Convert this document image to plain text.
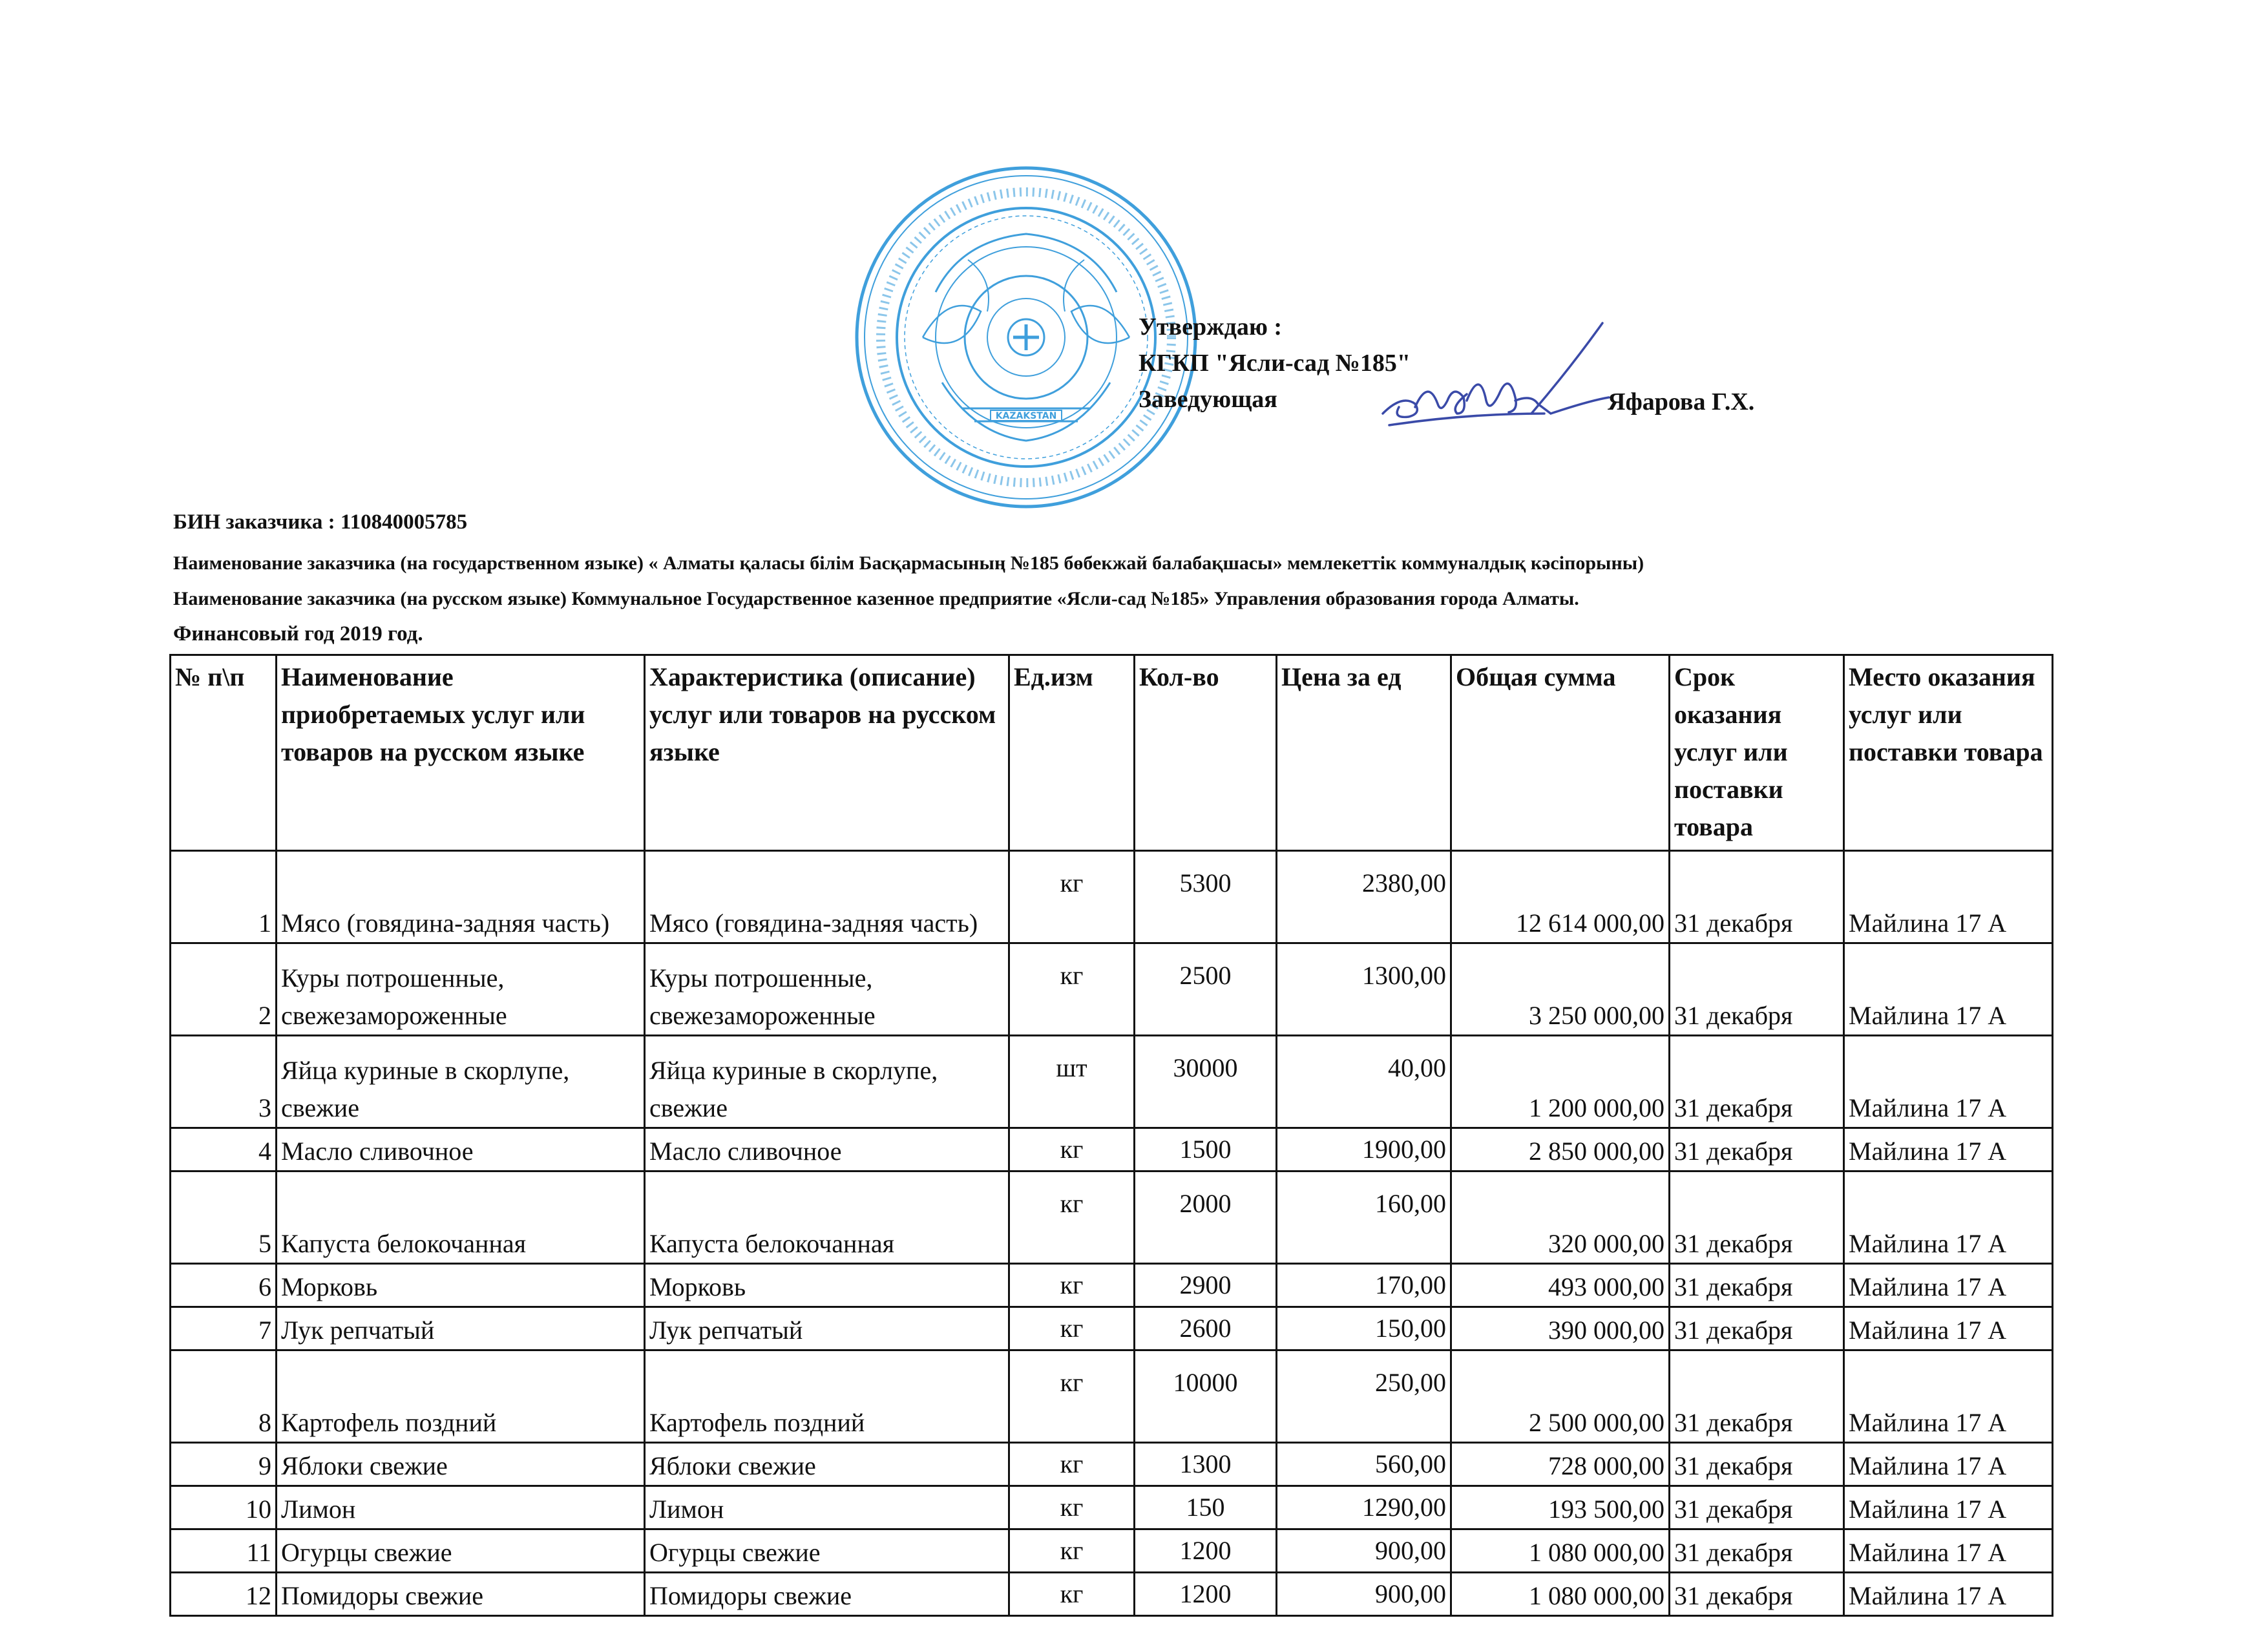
KAZAKSTAN
Утверждаю :
КГКП "Ясли-сад №185"
Заведующая	Яфарова Г.Х.
БИН заказчика : 110840005785
Наименование заказчика (на государственном языке) « Алматы қаласы білім Басқармасының №185 бөбекжай балабақшасы» мемлекеттік коммуналдық кәсіпорыны)
Наименование заказчика (на русском языке) Коммунальное Государственное казенное предприятие «Ясли-сад №185» Управления образования города Алматы.
Финансовый год 2019 год.
№ п\п	Наименование приобретаемых услуг или товаров на русском языке	Характеристика (описание) услуг или товаров на русском языке	Ед.изм	Кол-во	Цена за ед	Общая сумма	Срок оказания услуг или поставки товара	Место оказания услуг или поставки товара
1	Мясо (говядина-задняя часть)	Мясо (говядина-задняя часть)	кг	5300	2380,00	12 614 000,00	31 декабря	Майлина 17 А
2	Куры потрошенные, свежезамороженные	Куры потрошенные, свежезамороженные	кг	2500	1300,00	3 250 000,00	31 декабря	Майлина 17 А
3	Яйца куриные в скорлупе, свежие	Яйца куриные в скорлупе, свежие	шт	30000	40,00	1 200 000,00	31 декабря	Майлина 17 А
4	Масло сливочное	Масло сливочное	кг	1500	1900,00	2 850 000,00	31 декабря	Майлина 17 А
5	Капуста белокочанная	Капуста белокочанная	кг	2000	160,00	320 000,00	31 декабря	Майлина 17 А
6	Морковь	Морковь	кг	2900	170,00	493 000,00	31 декабря	Майлина 17 А
7	Лук репчатый	Лук репчатый	кг	2600	150,00	390 000,00	31 декабря	Майлина 17 А
8	Картофель поздний	Картофель поздний	кг	10000	250,00	2 500 000,00	31 декабря	Майлина 17 А
9	Яблоки свежие	Яблоки свежие	кг	1300	560,00	728 000,00	31 декабря	Майлина 17 А
10	Лимон	Лимон	кг	150	1290,00	193 500,00	31 декабря	Майлина 17 А
11	Огурцы свежие	Огурцы свежие	кг	1200	900,00	1 080 000,00	31 декабря	Майлина 17 А
12	Помидоры свежие	Помидоры свежие	кг	1200	900,00	1 080 000,00	31 декабря	Майлина 17 А
